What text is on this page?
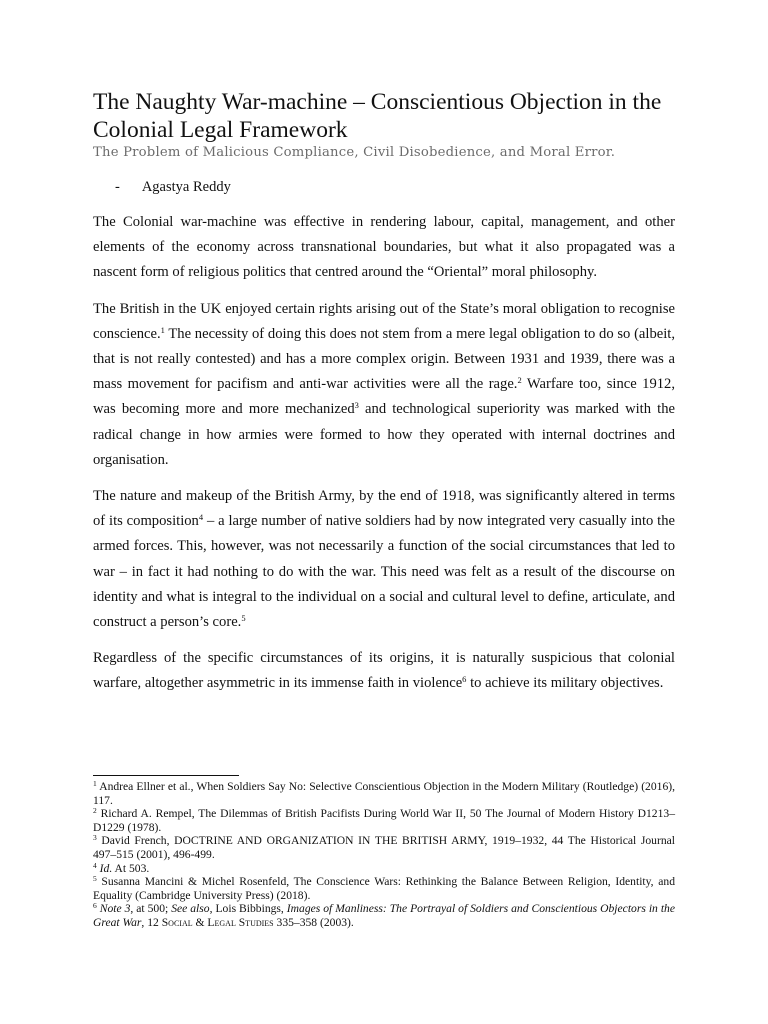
The Naughty War-machine – Conscientious Objection in the Colonial Legal Framework
The Problem of Malicious Compliance, Civil Disobedience, and Moral Error.
- Agastya Reddy

The Colonial war-machine was effective in rendering labour, capital, management, and other elements of the economy across transnational boundaries, but what it also propagated was a nascent form of religious politics that centred around the “Oriental” moral philosophy.

The British in the UK enjoyed certain rights arising out of the State’s moral obligation to recognise conscience.$^1$ The necessity of doing this does not stem from a mere legal obligation to do so (albeit, that is not really contested) and has a more complex origin. Between 1931 and 1939, there was a mass movement for pacifism and anti-war activities were all the rage.$^2$ Warfare too, since 1912, was becoming more and more mechanized$^3$ and technological superiority was marked with the radical change in how armies were formed to how they operated with internal doctrines and organisation.

The nature and makeup of the British Army, by the end of 1918, was significantly altered in terms of its composition$^4$ – a large number of native soldiers had by now integrated very casually into the armed forces. This, however, was not necessarily a function of the social circumstances that led to war – in fact it had nothing to do with the war. This need was felt as a result of the discourse on identity and what is integral to the individual on a social and cultural level to define, articulate, and construct a person’s core.$^5$

Regardless of the specific circumstances of its origins, it is naturally suspicious that colonial warfare, altogether asymmetric in its immense faith in violence$^6$ to achieve its military objectives.

$^1$ Andrea Ellner et al., When Soldiers Say No: Selective Conscientious Objection in the Modern Military (Routledge) (2016), 117.

$^2$ Richard A. Rempel, The Dilemmas of British Pacifists During World War II, 50 The Journal of Modern History D1213–D1229 (1978).

$^3$ David French, DOCTRINE AND ORGANIZATION IN THE BRITISH ARMY, 1919–1932, 44 The Historical Journal 497–515 (2001), 496-499.

$^4$ Id. At 503.

$^5$ Susanna Mancini & Michel Rosenfeld, The Conscience Wars: Rethinking the Balance Between Religion, Identity, and Equality (Cambridge University Press) (2018).

$^6$ Note 3, at 500; See also, Lois Bibbings, Images of Manliness: The Portrayal of Soldiers and Conscientious Objectors in the Great War, 12 Social & Legal Studies 335–358 (2003).
